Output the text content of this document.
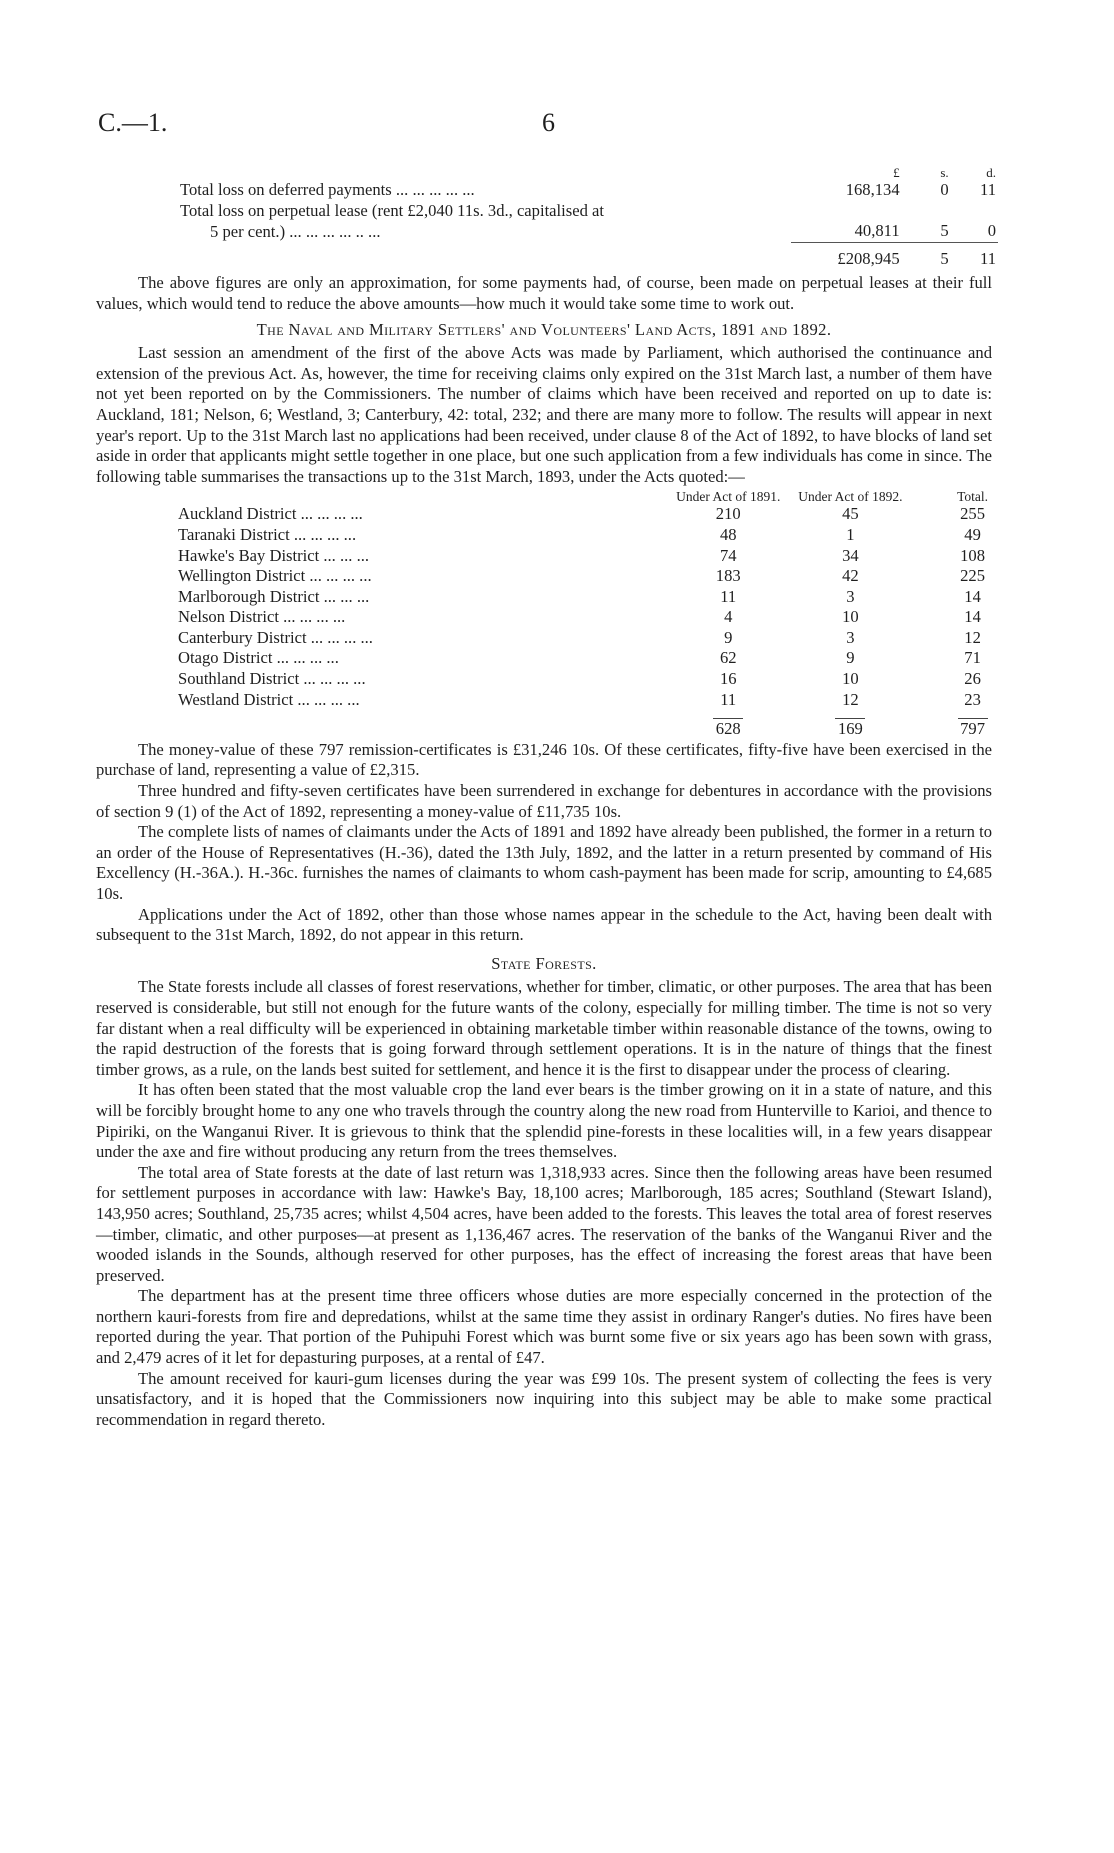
C.—1.	6
	£	s.	d.
Total loss on deferred payments ... ... ... ... ...	168,134	0	11
Total loss on perpetual lease (rent £2,040 11s. 3d., capitalised at			
5 per cent.) ... ... ... ... .. ...	40,811	5	0
	£208,945	5	11

The above figures are only an approximation, for some payments had, of course, been made on perpetual leases at their full values, which would tend to reduce the above amounts—how much it would take some time to work out.

The Naval and Military Settlers' and Volunteers' Land Acts, 1891 and 1892.

Last session an amendment of the first of the above Acts was made by Parliament, which authorised the continuance and extension of the previous Act. As, however, the time for receiving claims only expired on the 31st March last, a number of them have not yet been reported on by the Commissioners. The number of claims which have been received and reported on up to date is: Auckland, 181; Nelson, 6; Westland, 3; Canterbury, 42: total, 232; and there are many more to follow. The results will appear in next year's report. Up to the 31st March last no applications had been received, under clause 8 of the Act of 1892, to have blocks of land set aside in order that applicants might settle together in one place, but one such application from a few individuals has come in since. The following table summarises the transactions up to the 31st March, 1893, under the Acts quoted:—

	Under Act of 1891.	Under Act of 1892.	Total.
Auckland District ... ... ... ...	210	45	255
Taranaki District ... ... ... ...	48	1	49
Hawke's Bay District ... ... ...	74	34	108
Wellington District ... ... ... ...	183	42	225
Marlborough District ... ... ...	11	3	14
Nelson District ... ... ... ...	4	10	14
Canterbury District ... ... ... ...	9	3	12
Otago District ... ... ... ...	62	9	71
Southland District ... ... ... ...	16	10	26
Westland District ... ... ... ...	11	12	23

	628	169	797

The money-value of these 797 remission-certificates is £31,246 10s. Of these certificates, fifty-five have been exercised in the purchase of land, representing a value of £2,315.

Three hundred and fifty-seven certificates have been surrendered in exchange for debentures in accordance with the provisions of section 9 (1) of the Act of 1892, representing a money-value of £11,735 10s.

The complete lists of names of claimants under the Acts of 1891 and 1892 have already been published, the former in a return to an order of the House of Representatives (H.-36), dated the 13th July, 1892, and the latter in a return presented by command of His Excellency (H.-36A.). H.-36c. furnishes the names of claimants to whom cash-payment has been made for scrip, amounting to £4,685 10s.

Applications under the Act of 1892, other than those whose names appear in the schedule to the Act, having been dealt with subsequent to the 31st March, 1892, do not appear in this return.

State Forests.

The State forests include all classes of forest reservations, whether for timber, climatic, or other purposes. The area that has been reserved is considerable, but still not enough for the future wants of the colony, especially for milling timber. The time is not so very far distant when a real difficulty will be experienced in obtaining marketable timber within reasonable distance of the towns, owing to the rapid destruction of the forests that is going forward through settlement operations. It is in the nature of things that the finest timber grows, as a rule, on the lands best suited for settlement, and hence it is the first to disappear under the process of clearing.

It has often been stated that the most valuable crop the land ever bears is the timber growing on it in a state of nature, and this will be forcibly brought home to any one who travels through the country along the new road from Hunterville to Karioi, and thence to Pipiriki, on the Wanganui River. It is grievous to think that the splendid pine-forests in these localities will, in a few years disappear under the axe and fire without producing any return from the trees themselves.

The total area of State forests at the date of last return was 1,318,933 acres. Since then the following areas have been resumed for settlement purposes in accordance with law: Hawke's Bay, 18,100 acres; Marlborough, 185 acres; Southland (Stewart Island), 143,950 acres; Southland, 25,735 acres; whilst 4,504 acres, have been added to the forests. This leaves the total area of forest reserves—timber, climatic, and other purposes—at present as 1,136,467 acres. The reservation of the banks of the Wanganui River and the wooded islands in the Sounds, although reserved for other purposes, has the effect of increasing the forest areas that have been preserved.

The department has at the present time three officers whose duties are more especially concerned in the protection of the northern kauri-forests from fire and depredations, whilst at the same time they assist in ordinary Ranger's duties. No fires have been reported during the year. That portion of the Puhipuhi Forest which was burnt some five or six years ago has been sown with grass, and 2,479 acres of it let for depasturing purposes, at a rental of £47.

The amount received for kauri-gum licenses during the year was £99 10s. The present system of collecting the fees is very unsatisfactory, and it is hoped that the Commissioners now inquiring into this subject may be able to make some practical recommendation in regard thereto.
